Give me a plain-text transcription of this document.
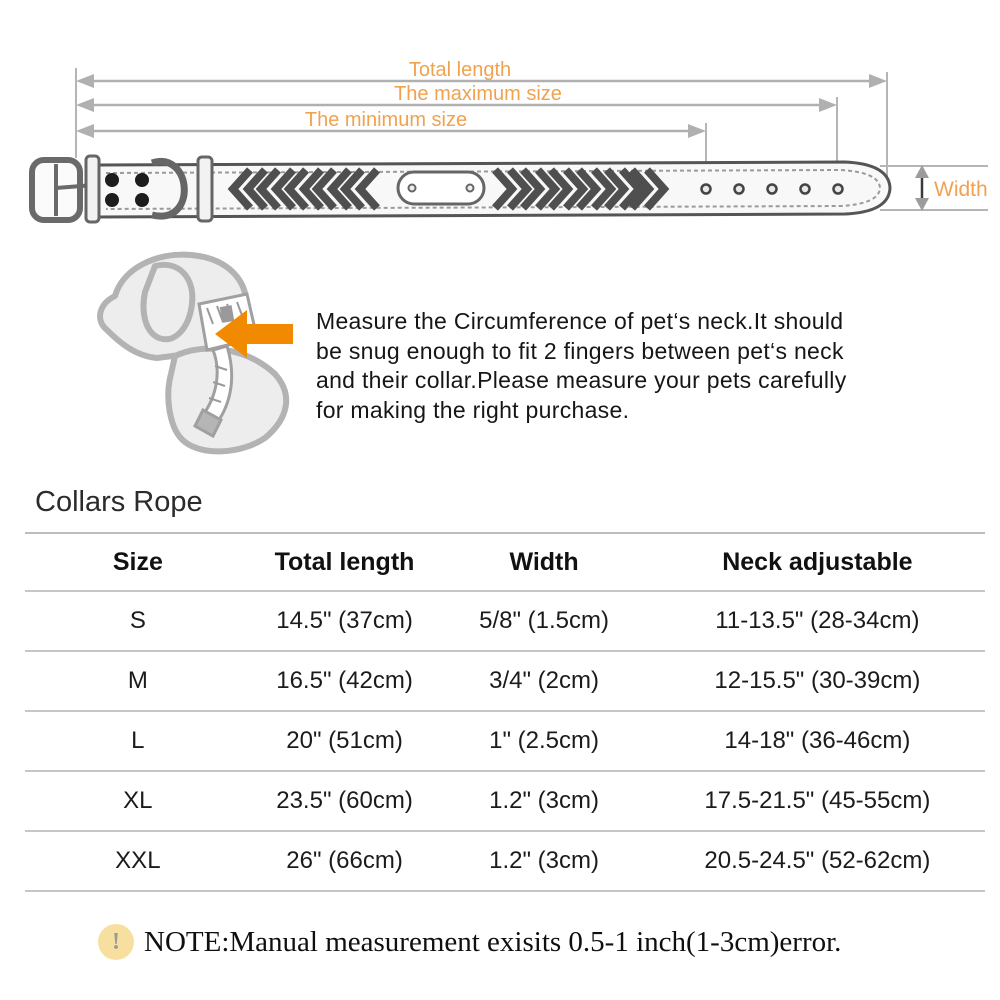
Total length
The maximum size
The minimum size
Width
Measure the Circumference of pet‘s neck.It should
be snug enough to fit 2 fingers between pet‘s neck
and their collar.Please measure your pets carefully
for making the right purchase.
Collars Rope
Size	Total length	Width	Neck adjustable
S	14.5" (37cm)	5/8" (1.5cm)	11-13.5" (28-34cm)
M	16.5" (42cm)	3/4" (2cm)	12-15.5" (30-39cm)
L	20" (51cm)	1" (2.5cm)	14-18" (36-46cm)
XL	23.5" (60cm)	1.2" (3cm)	17.5-21.5" (45-55cm)
XXL	26" (66cm)	1.2" (3cm)	20.5-24.5" (52-62cm)
! NOTE:Manual measurement exisits 0.5-1 inch(1-3cm)error.
